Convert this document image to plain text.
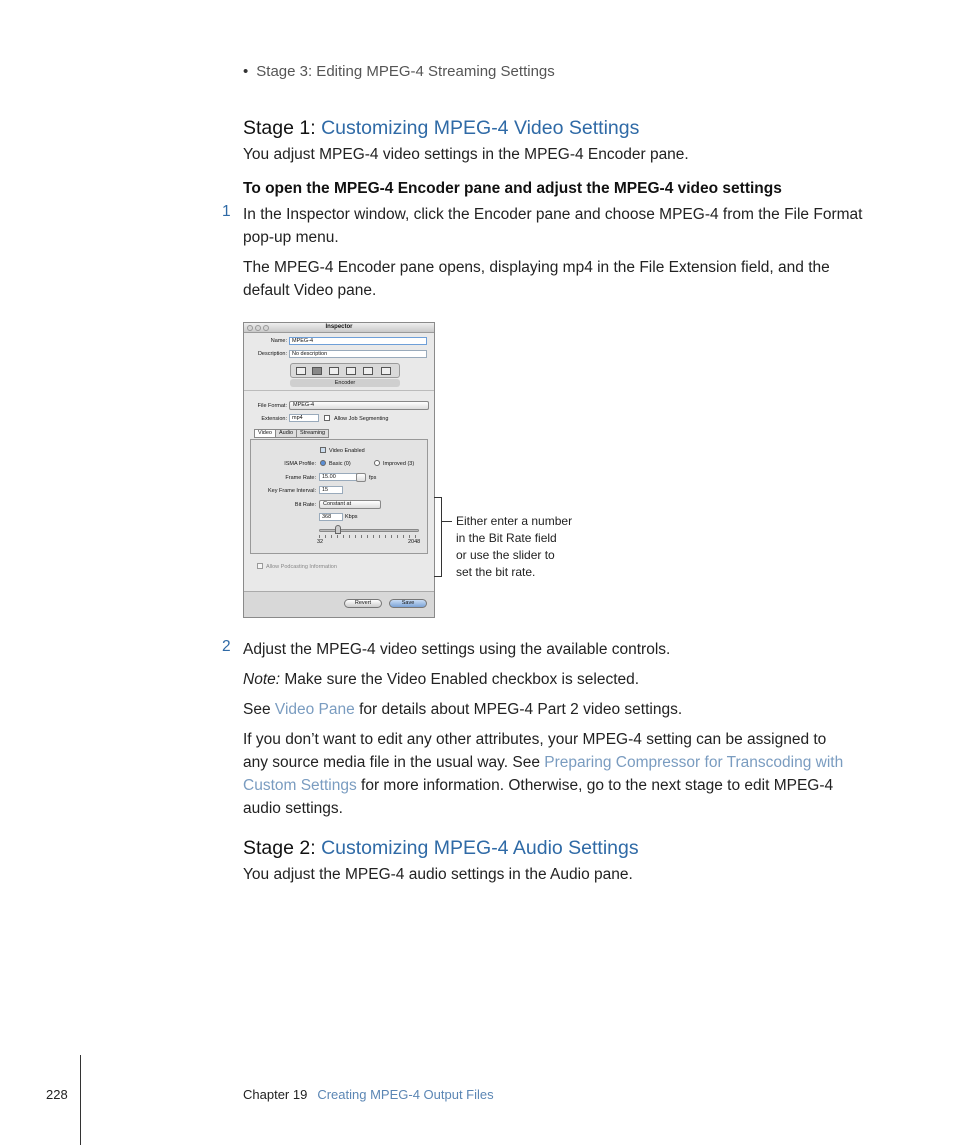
• Stage 3: Editing MPEG-4 Streaming Settings
Stage 1: Customizing MPEG-4 Video Settings
You adjust MPEG-4 video settings in the MPEG-4 Encoder pane.
To open the MPEG-4 Encoder pane and adjust the MPEG-4 video settings
1 In the Inspector window, click the Encoder pane and choose MPEG-4 from the File Format
pop-up menu.
The MPEG-4 Encoder pane opens, displaying mp4 in the File Extension field, and the
default Video pane.
Inspector
Name: MPEG-4
Description: No description
Encoder
File Format:	MPEG-4
Extension: mp4	Allow Job Segmenting
Video Audio Streaming
Video Enabled
ISMA Profile: Basic (0)	Improved (3)
Frame Rate:	15.00	fps
Key Frame Interval:	15
Bit Rate:	Constant at
368	Kbps
32	2048
Allow Podcasting Information
Revert	Save
Either enter a number
in the Bit Rate field
or use the slider to
set the bit rate.
2 Adjust the MPEG-4 video settings using the available controls.
Note: Make sure the Video Enabled checkbox is selected.
See Video Pane for details about MPEG-4 Part 2 video settings.
If you don’t want to edit any other attributes, your MPEG-4 setting can be assigned to
any source media file in the usual way. See Preparing Compressor for Transcoding with
Custom Settings for more information. Otherwise, go to the next stage to edit MPEG-4
audio settings.
Stage 2: Customizing MPEG-4 Audio Settings
You adjust the MPEG-4 audio settings in the Audio pane.
228	Chapter 19 Creating MPEG-4 Output Files
